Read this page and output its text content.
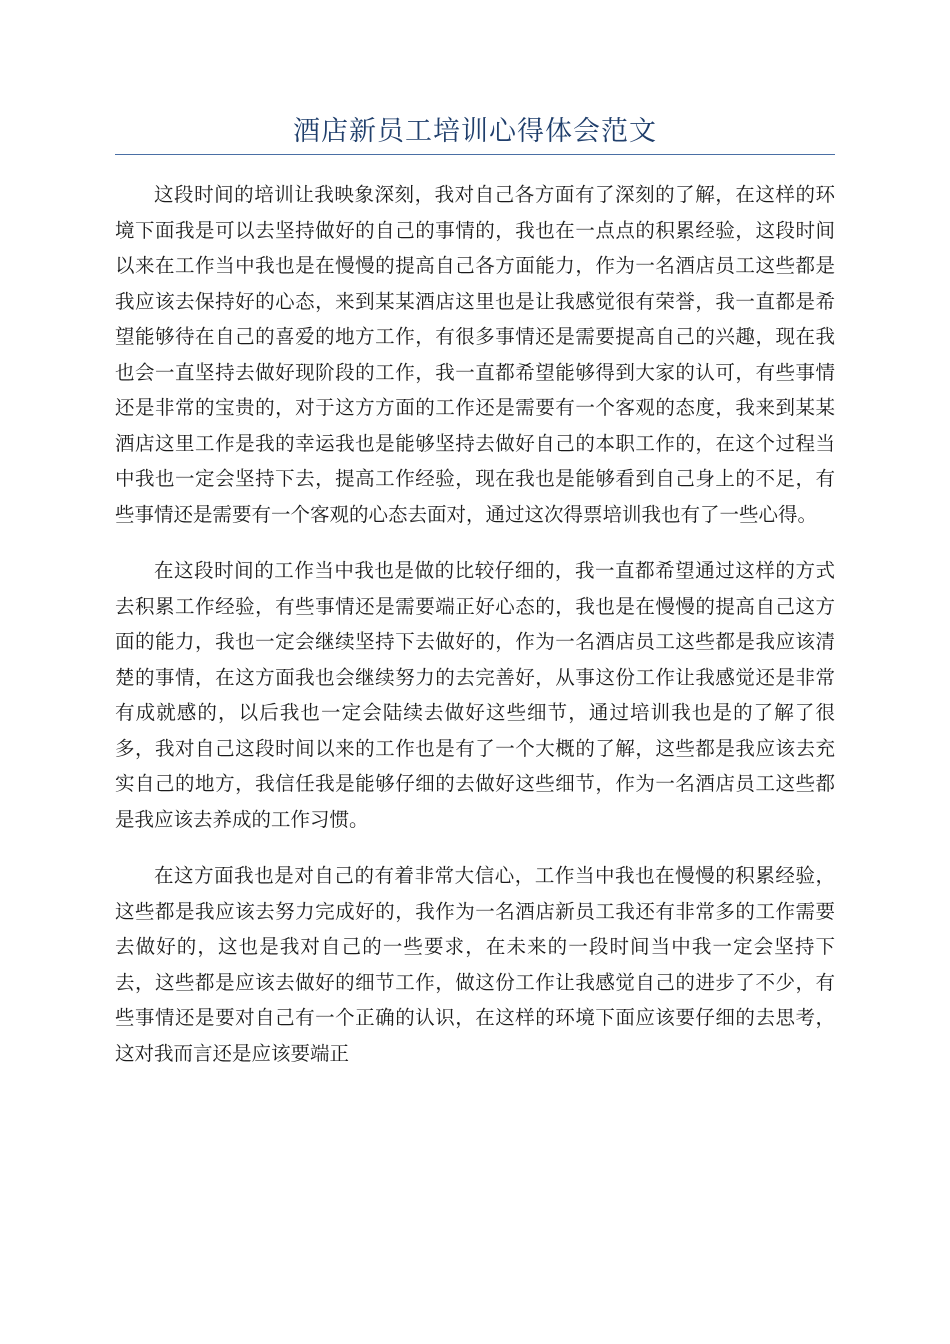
酒店新员工培训心得体会范文

这段时间的培训让我映象深刻，我对自己各方面有了深刻的了解，在这样的环境下面我是可以去坚持做好的自己的事情的，我也在一点点的积累经验，这段时间以来在工作当中我也是在慢慢的提高自己各方面能力，作为一名酒店员工这些都是我应该去保持好的心态，来到某某酒店这里也是让我感觉很有荣誉，我一直都是希望能够待在自己的喜爱的地方工作，有很多事情还是需要提高自己的兴趣，现在我也会一直坚持去做好现阶段的工作，我一直都希望能够得到大家的认可，有些事情还是非常的宝贵的，对于这方方面的工作还是需要有一个客观的态度，我来到某某酒店这里工作是我的幸运我也是能够坚持去做好自己的本职工作的，在这个过程当中我也一定会坚持下去，提高工作经验，现在我也是能够看到自己身上的不足，有些事情还是需要有一个客观的心态去面对，通过这次得票培训我也有了一些心得。

在这段时间的工作当中我也是做的比较仔细的，我一直都希望通过这样的方式去积累工作经验，有些事情还是需要端正好心态的，我也是在慢慢的提高自己这方面的能力，我也一定会继续坚持下去做好的，作为一名酒店员工这些都是我应该清楚的事情，在这方面我也会继续努力的去完善好，从事这份工作让我感觉还是非常有成就感的，以后我也一定会陆续去做好这些细节，通过培训我也是的了解了很多，我对自己这段时间以来的工作也是有了一个大概的了解，这些都是我应该去充实自己的地方，我信任我是能够仔细的去做好这些细节，作为一名酒店员工这些都是我应该去养成的工作习惯。

在这方面我也是对自己的有着非常大信心，工作当中我也在慢慢的积累经验，这些都是我应该去努力完成好的，我作为一名酒店新员工我还有非常多的工作需要去做好的，这也是我对自己的一些要求，在未来的一段时间当中我一定会坚持下去，这些都是应该去做好的细节工作，做这份工作让我感觉自己的进步了不少，有些事情还是要对自己有一个正确的认识，在这样的环境下面应该要仔细的去思考，这对我而言还是应该要端正
